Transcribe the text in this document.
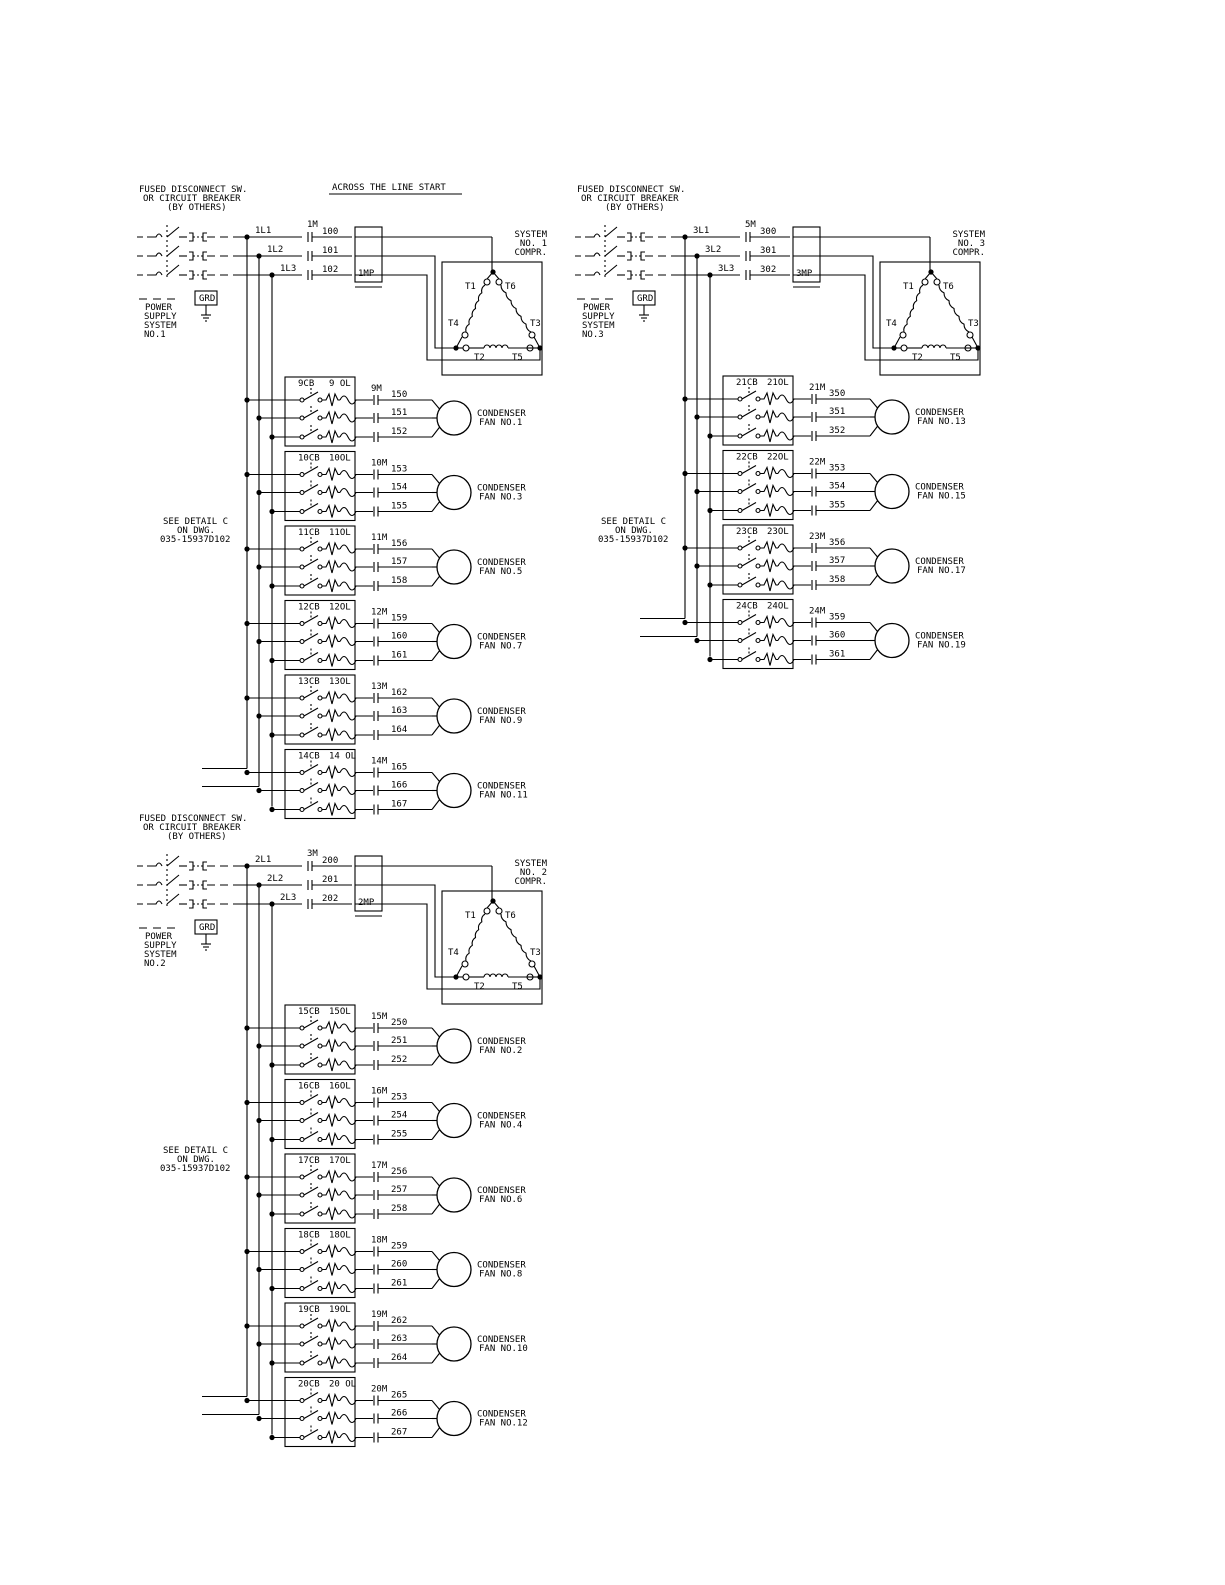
ACROSS THE LINE START
FUSED DISCONNECT SW.
OR CIRCUIT BREAKER
(BY OTHERS)
GRD
POWER
SUPPLY
SYSTEM
NO.1
1L1
1L2
1L3
1M
100
101
102 1MP
SYSTEM
NO. 1
COMPR.
T1	T6
T4	T3
T2	T5
SEE DETAIL C
ON DWG.
035-15937D102
9CB 9 OL 9M
150
151
152
CONDENSER
FAN NO.1
10CB 10OL 10M
153
154
155
CONDENSER
FAN NO.3
11CB 11OL 11M
156
157
158
CONDENSER
FAN NO.5
12CB 12OL 12M
159
160
161
CONDENSER
FAN NO.7
13CB 13OL 13M
162
163
164
CONDENSER
FAN NO.9
14CB 14 OL 14M
165
166
167
CONDENSER
FAN NO.11
FUSED DISCONNECT SW.
OR CIRCUIT BREAKER
(BY OTHERS)
GRD
POWER
SUPPLY
SYSTEM
NO.2
2L1
2L2
2L3
3M
200
201
202 2MP
SYSTEM
NO. 2
COMPR.
T1	T6
T4	T3
T2	T5
SEE DETAIL C
ON DWG.
035-15937D102
15CB 15OL 15M
250
251
252
CONDENSER
FAN NO.2
16CB 16OL 16M
253
254
255
CONDENSER
FAN NO.4
17CB 17OL 17M
256
257
258
CONDENSER
FAN NO.6
18CB 18OL 18M
259
260
261
CONDENSER
FAN NO.8
19CB 19OL 19M
262
263
264
CONDENSER
FAN NO.10
20CB 20 OL 20M
265
266
267
CONDENSER
FAN NO.12
FUSED DISCONNECT SW.
OR CIRCUIT BREAKER
(BY OTHERS)
GRD
POWER
SUPPLY
SYSTEM
NO.3
3L1
3L2
3L3
5M
300
301
302 3MP
SYSTEM
NO. 3
COMPR.
T1	T6
T4	T3
T2	T5
SEE DETAIL C
ON DWG.
035-15937D102
21CB 21OL 21M
350
351
352
CONDENSER
FAN NO.13
22CB 22OL 22M
353
354
355
CONDENSER
FAN NO.15
23CB 23OL 23M
356
357
358
CONDENSER
FAN NO.17
24CB 24OL 24M
359
360
361
CONDENSER
FAN NO.19
